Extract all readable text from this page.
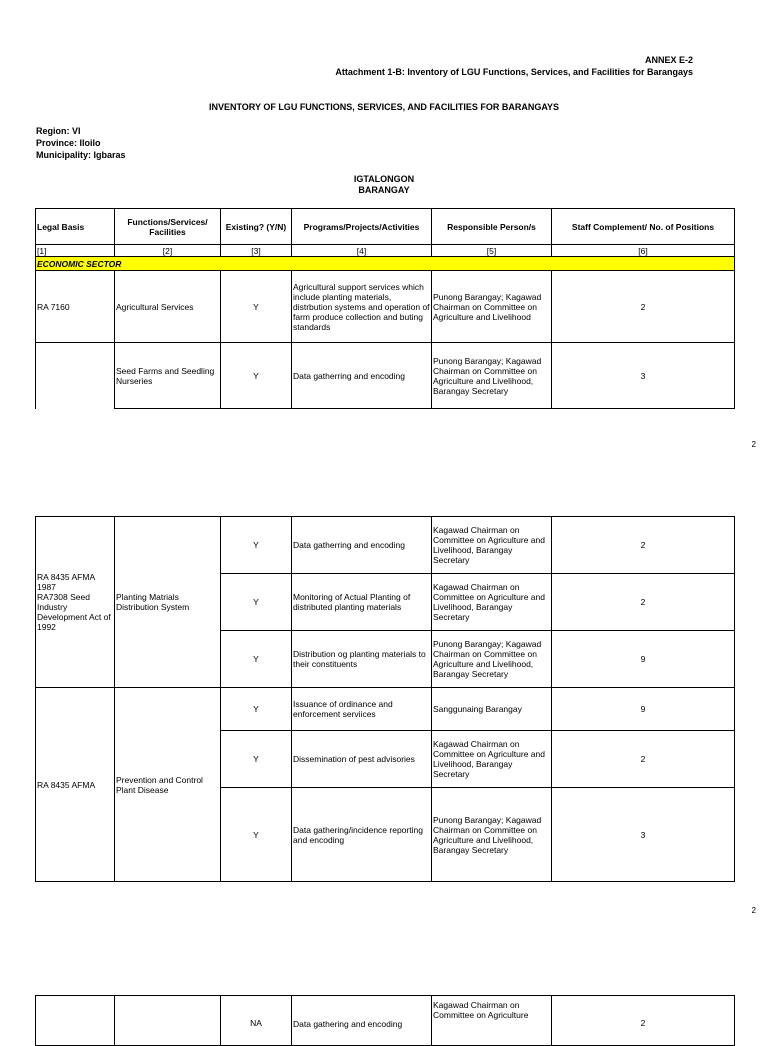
ANNEX E-2
Attachment 1-B: Inventory of LGU Functions, Services, and Facilities for Barangays
INVENTORY OF LGU FUNCTIONS, SERVICES, AND FACILITIES FOR BARANGAYS
Region: VI
Province: Iloilo
Municipality: Igbaras
IGTALONGON
BARANGAY
Legal Basis	Functions/Services/ Facilities	Existing? (Y/N)	Programs/Projects/Activities	Responsible Person/s	Staff Complement/ No. of Positions
[1]	[2]	[3]	[4]	[5]	[6]
ECONOMIC SECTOR					
RA 7160	Agricultural Services	Y	Agricultural support services which include planting materials, distrbution systems and operation of farm produce collection and buting standards	Punong Barangay; Kagawad Chairman on Committee on Agriculture and Livelihood	2
	Seed Farms and Seedling Nurseries	Y	Data gatherring and encoding	Punong Barangay; Kagawad Chairman on Committee on Agriculture and Livelihood, Barangay Secretary	3
2
RA 8435 AFMA 1987
RA7308 Seed Industry Development Act of 1992	Planting Matrials Distribution System	Y	Data gatherring and encoding	Kagawad Chairman on Committee on Agriculture and Livelihood, Barangay Secretary	2
		Y	Monitoring of Actual Planting of distributed planting materials	Kagawad Chairman on Committee on Agriculture and Livelihood, Barangay Secretary	2
		Y	Distribution og planting materials to their constituents	Punong Barangay; Kagawad Chairman on Committee on Agriculture and Livelihood, Barangay Secretary	9
RA 8435 AFMA	Prevention and Control Plant Disease	Y	Issuance of ordinance and enforcement serviices	Sanggunaing Barangay	9
		Y	Dissemination of pest advisories	Kagawad Chairman on Committee on Agriculture and Livelihood, Barangay Secretary	2
		Y	Data gathering/incidence reporting and encoding	Punong Barangay; Kagawad Chairman on Committee on Agriculture and Livelihood, Barangay Secretary	3
2
		NA	Data gathering and encoding	Kagawad Chairman on Committee on Agriculture	2
